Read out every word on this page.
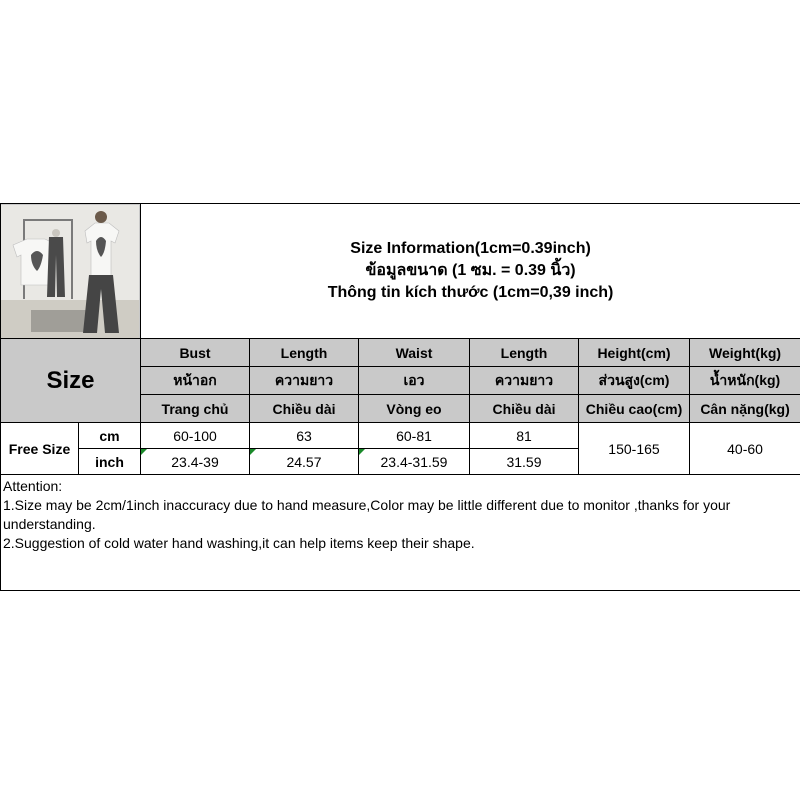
Size Information(1cm=0.39inch)
ข้อมูลขนาด (1 ซม. = 0.39 นิ้ว)
Thông tin kích thước (1cm=0,39 inch)					

Size		Bust	Length	Waist	Length	Height(cm)	Weight(kg)
		หน้าอก	ความยาว	เอว	ความยาว	ส่วนสูง(cm)	น้ำหนัก(kg)
		Trang chủ	Chiều dài	Vòng eo	Chiều dài	Chiều cao(cm)	Cân nặng(kg)
Free Size	cm	60-100	63	60-81	81	150-165	40-60
	inch	23.4-39	24.57	23.4-31.59	31.59		

Attention:
1.Size may be 2cm/1inch inaccuracy due to hand measure,Color may be little different due to monitor ,thanks for your understanding.
2.Suggestion of cold water hand washing,it can help items keep their shape.							
